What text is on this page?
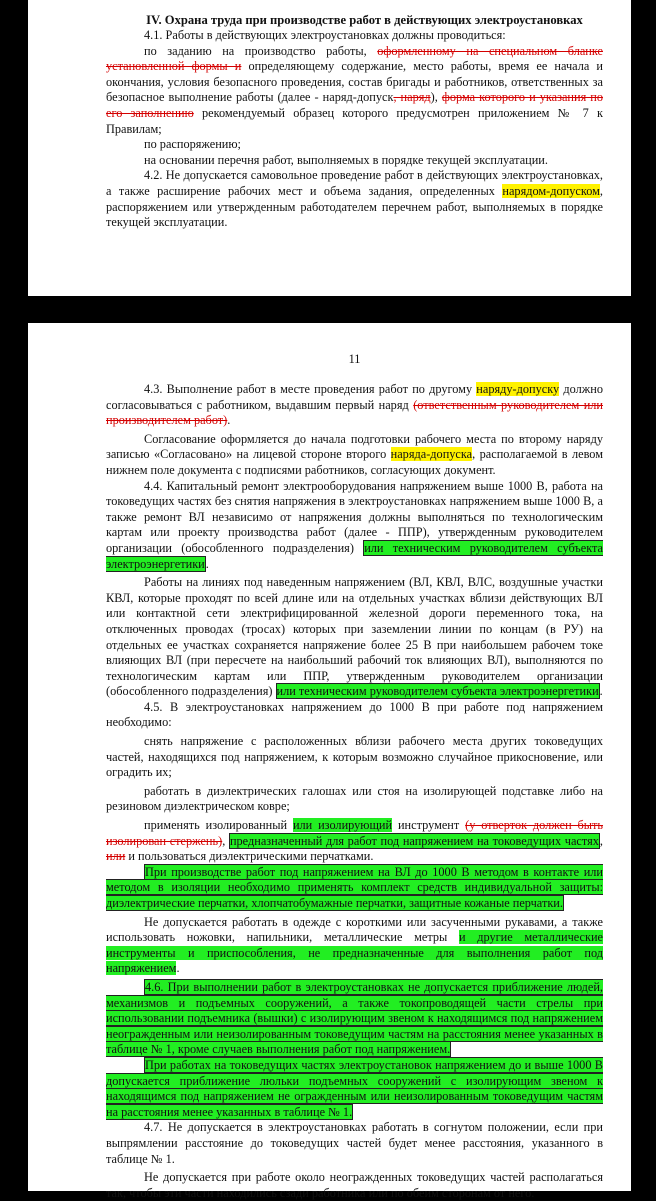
IV. Охрана труда при производстве работ в действующих электроустановках

4.1. Работы в действующих электроустановках должны проводиться:

по заданию на производство работы, оформленному на специальном бланке установленной формы и определяющему содержание, место работы, время ее начала и окончания, условия безопасного проведения, состав бригады и работников, ответственных за безопасное выполнение работы (далее - наряд-допуск, наряд), форма которого и указания по его заполнению рекомендуемый образец которого предусмотрен приложением № 7 к Правилам;

по распоряжению;

на основании перечня работ, выполняемых в порядке текущей эксплуатации.

4.2. Не допускается самовольное проведение работ в действующих электроустановках, а также расширение рабочих мест и объема задания, определенных нарядом-допуском, распоряжением или утвержденным работодателем перечнем работ, выполняемых в порядке текущей эксплуатации.

11

4.3. Выполнение работ в месте проведения работ по другому наряду-допуску должно согласовываться с работником, выдавшим первый наряд (ответственным руководителем или производителем работ).

Согласование оформляется до начала подготовки рабочего места по второму наряду записью «Согласовано» на лицевой стороне второго наряда-допуска, располагаемой в левом нижнем поле документа с подписями работников, согласующих документ.

4.4. Капитальный ремонт электрооборудования напряжением выше 1000 В, работа на токоведущих частях без снятия напряжения в электроустановках напряжением выше 1000 В, а также ремонт ВЛ независимо от напряжения должны выполняться по технологическим картам или проекту производства работ (далее - ППР), утвержденным руководителем организации (обособленного подразделения) или техническим руководителем субъекта электроэнергетики.

Работы на линиях под наведенным напряжением (ВЛ, КВЛ, ВЛС, воздушные участки КВЛ, которые проходят по всей длине или на отдельных участках вблизи действующих ВЛ или контактной сети электрифицированной железной дороги переменного тока, на отключенных проводах (тросах) которых при заземлении линии по концам (в РУ) на отдельных ее участках сохраняется напряжение более 25 В при наибольшем рабочем токе влияющих ВЛ (при пересчете на наибольший рабочий ток влияющих ВЛ), выполняются по технологическим картам или ППР, утвержденным руководителем организации (обособленного подразделения) или техническим руководителем субъекта электроэнергетики.

4.5. В электроустановках напряжением до 1000 В при работе под напряжением необходимо:

снять напряжение с расположенных вблизи рабочего места других токоведущих частей, находящихся под напряжением, к которым возможно случайное прикосновение, или оградить их;

работать в диэлектрических галошах или стоя на изолирующей подставке либо на резиновом диэлектрическом ковре;

применять изолированный или изолирующий инструмент (у отверток должен быть изолирован стержень), предназначенный для работ под напряжением на токоведущих частях, или и пользоваться диэлектрическими перчатками.

При производстве работ под напряжением на ВЛ до 1000 В методом в контакте или методом в изоляции необходимо применять комплект средств индивидуальной защиты: диэлектрические перчатки, хлопчатобумажные перчатки, защитные кожаные перчатки.

Не допускается работать в одежде с короткими или засученными рукавами, а также использовать ножовки, напильники, металлические метры и другие металлические инструменты и приспособления, не предназначенные для выполнения работ под напряжением.

4.6. При выполнении работ в электроустановках не допускается приближение людей, механизмов и подъемных сооружений, а также токопроводящей части стрелы при использовании подъемника (вышки) с изолирующим звеном к находящимся под напряжением неогражденным или неизолированным токоведущим частям на расстояния менее указанных в таблице № 1, кроме случаев выполнения работ под напряжением.

При работах на токоведущих частях электроустановок напряжением до и выше 1000 В допускается приближение люльки подъемных сооружений с изолирующим звеном к находящимся под напряжением не огражденным или неизолированным токоведущим частям на расстояния менее указанных в таблице № 1.

4.7. Не допускается в электроустановках работать в согнутом положении, если при выпрямлении расстояние до токоведущих частей будет менее расстояния, указанного в таблице № 1.

Не допускается при работе около неогражденных токоведущих частей располагаться так, чтобы эти части находились сзади работника или по обеим сторонам от него.
